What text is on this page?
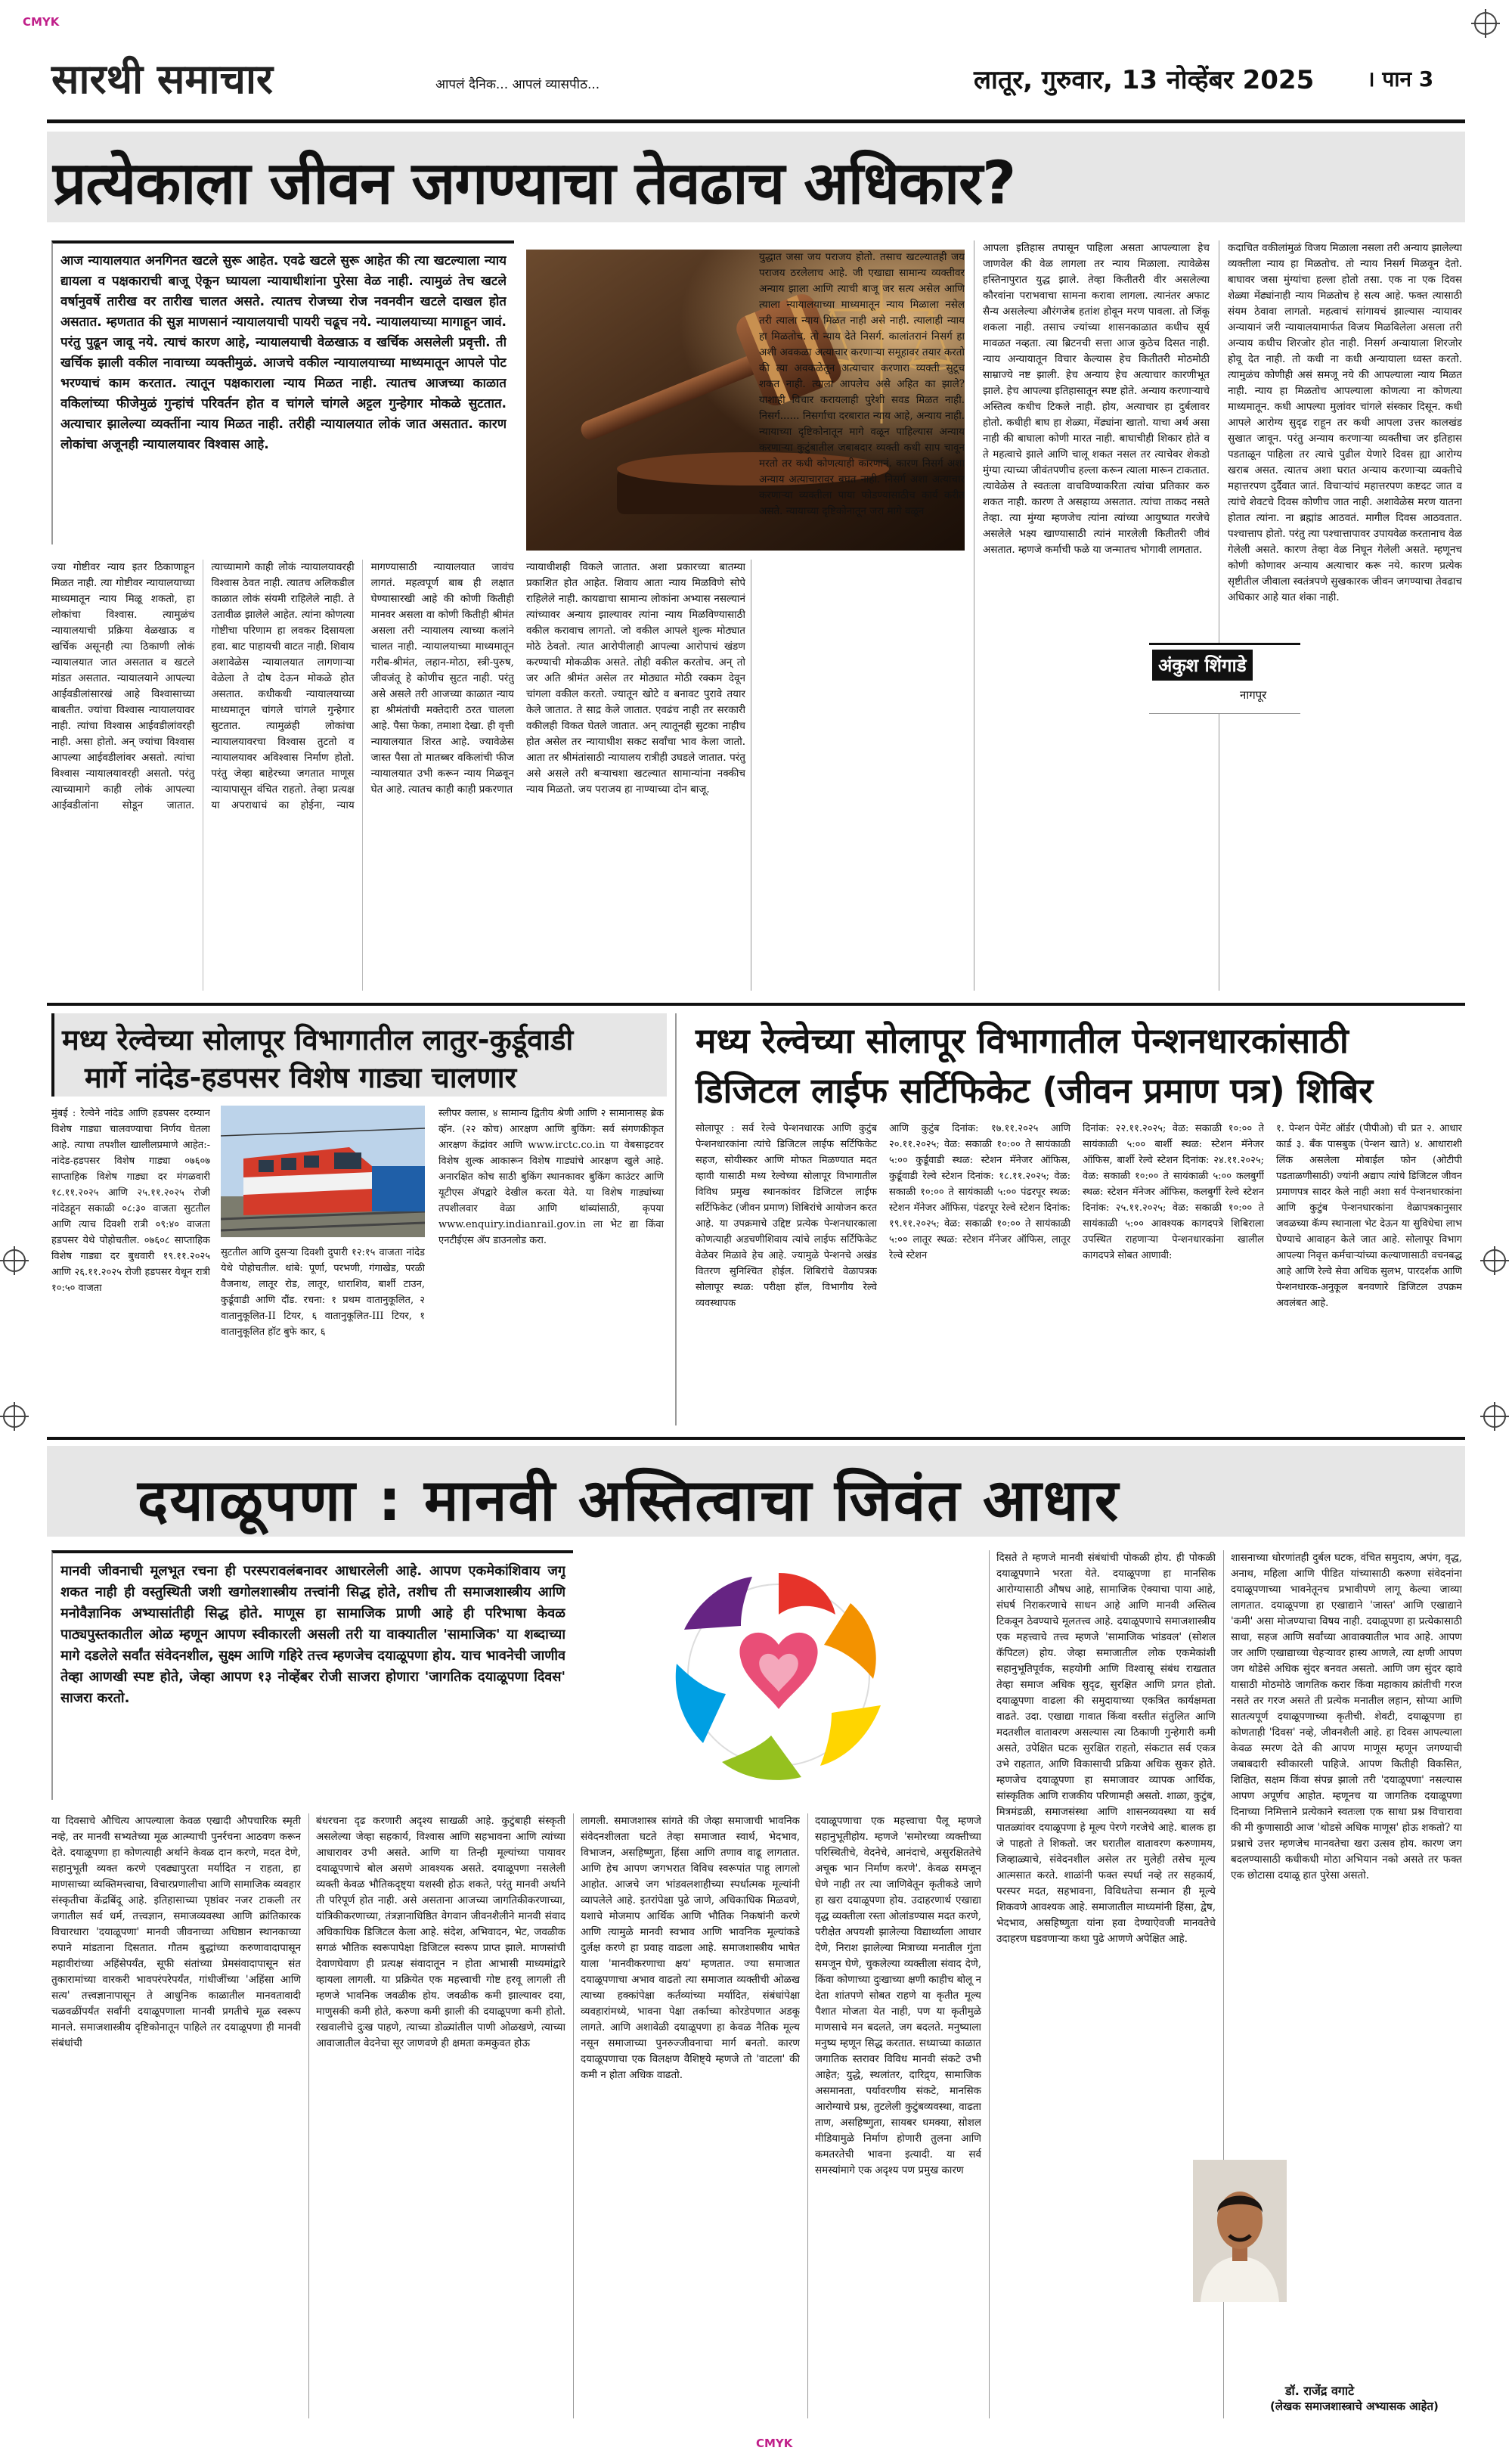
CMYK
CMYK
सारथी समाचार	आपलं दैनिक... आपलं व्यासपीठ...	लातूर, गुरुवार, 13 नोव्हेंबर 2025 । पान 3
प्रत्येकाला जीवन जगण्याचा तेवढाच अधिकार?
आज न्यायालयात अनगिनत खटले सुरू आहेत. एवढे खटले सुरू आहेत की त्या खटल्याला न्याय द्यायला व पक्षकाराची बाजू ऐकून घ्यायला न्यायाधीशांना पुरेसा वेळ नाही. त्यामुळं तेच खटले वर्षानुवर्षे तारीख वर तारीख चालत असते. त्यातच रोजच्या रोज नवनवीन खटले दाखल होत असतात. म्हणतात की सुज्ञ माणसानं न्यायालयाची पायरी चढूच नये. न्यायालयाच्या मागाहून जावं. परंतु पुढून जावू नये. त्याचं कारण आहे, न्यायालयाची वेळखाऊ व खर्चिक असलेली प्रवृत्ती. ती खर्चिक झाली वकील नावाच्या व्यक्तीमुळं. आजचे वकील न्यायालयाच्या माध्यमातून आपले पोट भरण्याचं काम करतात. त्यातून पक्षकाराला न्याय मिळत नाही. त्यातच आजच्या काळात वकिलांच्या फीजेमुळं गुन्हांचं परिवर्तन होत व चांगले चांगले अट्टल गुन्हेगार मोकळे सुटतात. अत्याचार झालेल्या व्यक्तींना न्याय मिळत नाही. तरीही न्यायालयात लोकं जात असतात. कारण लोकांचा अजूनही न्यायालयावर विश्वास आहे.
ज्या गोष्टीवर न्याय इतर ठिकाणाहून मिळत नाही. त्या गोष्टीवर न्यायालयाच्या माध्यमातून न्याय मिळू शकतो, हा लोकांचा विश्वास. त्यामुळंच न्यायालयाची प्रक्रिया वेळखाऊ व खर्चिक असूनही त्या ठिकाणी लोकं न्यायालयात जात असतात व खटले मांडत असतात. न्यायालयाने आपल्या आईवडीलांसारखं आहे विश्वासाच्या बाबतीत. ज्यांचा विश्वास न्यायालयावर नाही. त्यांचा विश्वास आईवडीलांवरही नाही. असा होतो. अन् ज्यांचा विश्वास आपल्या आईवडीलांवर असतो. त्यांचा विश्वास न्यायालयावरही असतो. परंतु त्याच्यामागे काही लोकं आपल्या आईवडीलांना सोडून जातात. त्याच्यामागे काही लोकं न्यायालयावरही विश्वास ठेवत नाही. त्यातच अलिकडील काळात लोकं संयमी राहिलेले नाही. ते उतावीळ झालेले आहेत. त्यांना कोणत्या गोष्टीचा परिणाम हा लवकर दिसायला हवा. बाट पाहायची वाटत नाही. शिवाय अशावेळेस न्यायालयात लागणाऱ्या वेळेला ते दोष देऊन मोकळे होत असतात. कधीकधी न्यायालयाच्या माध्यमातून चांगले चांगले गुन्हेगार सुटतात. त्यामुळंही लोकांचा न्यायालयावरचा विश्वास तुटतो व न्यायालयावर अविश्वास निर्माण होतो. परंतु जेव्हा बाहेरच्या जगतात माणूस न्यायापासून वंचित राहतो. तेव्हा प्रत्यक्ष या अपराधाचं का होईना, न्याय मागण्यासाठी न्यायालयात जावंच लागतं. महत्वपूर्ण बाब ही लक्षात घेण्यासारखी आहे की कोणी कितीही मानवर असला वा कोणी कितीही श्रीमंत असला तरी न्यायालय त्याच्या कलांने चालत नाही. न्यायालयाच्या माध्यमातून गरीब-श्रीमंत, लहान-मोठा, स्त्री-पुरुष, जीवजंतू हे कोणीच सुटत नाही. परंतु असे असले तरी आजच्या काळात न्याय हा श्रीमंतांची मक्तेदारी ठरत चालला आहे. पैसा फेका, तमाशा देखा. ही वृत्ती न्यायालयात शिरत आहे. ज्यावेळेस जास्त पैसा तो मातब्बर वकिलांची फीज न्यायालयात उभी करून न्याय मिळवून घेत आहे. त्यातच काही काही प्रकरणात
न्यायाधीशही विकले जातात. अशा प्रकारच्या बातम्या प्रकाशित होत आहेत. शिवाय आता न्याय मिळविणे सोपे राहिलेले नाही. कायद्याचा सामान्य लोकांना अभ्यास नसल्यानं त्यांच्यावर अन्याय झाल्यावर त्यांना न्याय मिळविण्यासाठी वकील करावाच लागतो. जो वकील आपले शुल्क मोठ्यात मोठे ठेवतो. त्यात आरोपीलाही आपल्या आरोपाचं खंडण करण्याची मोकळीक असते. तोही वकील करतोच. अन् तो जर अति श्रीमंत असेल तर मोठ्यात मोठी रक्कम देवून चांगला वकील करतो. ज्यातून खोटे व बनावट पुरावे तयार केले जातात. ते साद्र केले जातात. एवढंच नाही तर सरकारी वकीलही विकत घेतले जातात. अन् त्यातूनही सुटका नाहीच होत असेल तर न्यायाधीश सकट सर्वांचा भाव केला जातो. आता तर श्रीमंतांसाठी न्यायालय रात्रीही उघडले जातात. परंतु असे असले तरी बऱ्याचशा खटल्यात सामान्यांना नक्कीच न्याय मिळतो. जय पराजय हा नाण्याच्या दोन बाजू.
युद्धात जसा जय पराजय होतो. तसाच खटल्यातही जय पराजय ठरलेलाच आहे. जी एखाद्या सामान्य व्यक्तीवर अन्याय झाला आणि त्याची बाजू जर सत्य असेल आणि त्याला न्यायालयाच्या माध्यमातून न्याय मिळाला नसेल तरी त्याला न्याय मिळत नाही असे नाही. त्यालाही न्याय हा मिळतोच. तो न्याय देते निसर्ग. कालांतरानं निसर्ग हा अशी अवकळा अत्याचार करणाऱ्या समूहावर तयार करतो की त्या अवकळेतून अत्याचार करणारा व्यक्ती सुटूच शकत नाही. त्याला आपलेच असे अहित का झाले? याशाही विचार करायलाही पुरेशी सवड मिळत नाही. निसर्ग...... निसर्गाचा दरबारात न्याय आहे, अन्याय नाही. न्यायाच्या दृष्टिकोनातून मागे वळून पाहिल्यास अन्याय करणाऱ्या कुटुंबातील जबाबदार व्यक्ती कधी साप चावून मरतो तर कधी कोणत्याही कारणानं. कारण निसर्ग अशा अन्याय अत्याचारावर बघत नाही. निसर्ग अशा अत्याचार करणाऱ्या व्यक्तीला पाया फोडण्यासाठीच कार्य करीत असते. न्यायाच्या दृष्टिकोनातून जरा मागे वळून
आपला इतिहास तपासून पाहिला असता आपल्याला हेच जाणवेल की वेळ लागला तर न्याय मिळाला. त्यावेळेस हस्तिनापुरात युद्ध झाले. तेव्हा कितीतरी वीर असलेल्या कौरवांना पराभवाचा सामना करावा लागला. त्यानंतर अफाट सैन्य असलेल्या औरंगजेब हतांश होवून मरण पावला. तो जिंकू शकला नाही. तसाच ज्यांच्या शासनकाळात कधीच सूर्य मावळत नव्हता. त्या ब्रिटनची सत्ता आज कुठेच दिसत नाही. न्याय अन्यायातून विचार केल्यास हेच कितीतरी मोठमोठी साम्राज्ये नष्ट झाली. हेच अन्याय हेच अत्याचार कारणीभूत झाले. हेच आपल्या इतिहासातून स्पष्ट होते. अन्याय करणाऱ्याचे अस्तित्व कधीच टिकले नाही. होय, अत्याचार हा दुर्बलावर होतो. कधीही बाघ हा शेळ्या, मेंढ्यांना खातो. याचा अर्थ असा नाही की बाघाला कोणी मारत नाही. बाघाचीही शिकार होते व ते महत्वाचे झाले आणि चालू शकत नसल तर त्याचेवर शेकडो मुंग्या त्याच्या जीवंतपणीच हल्ला करून त्याला मारून टाकतात. त्यावेळेस ते स्वतःला वाचविण्याकरिता त्यांचा प्रतिकार करु शकत नाही. कारण ते असहाय्य असतात. त्यांचा ताकद नसते तेव्हा. त्या मुंग्या म्हणजेच त्यांना त्यांच्या आयुष्यात गरजेचे असलेले भक्ष्य खाण्यासाठी त्यांनं मारलेली कितीतरी जीवं असतात. म्हणजे कर्माची फळे या जन्मातच भोगावी लागतात.
कदाचित वकीलांमुळं विजय मिळाला नसला तरी अन्याय झालेल्या व्यक्तीला न्याय हा मिळतोच. तो न्याय निसर्ग मिळवून देतो. बाघावर जसा मुंग्यांचा हल्ला होतो तसा. एक ना एक दिवस शेळ्या मेंढ्यांनाही न्याय मिळतोच हे सत्य आहे. फक्त त्यासाठी संयम ठेवावा लागतो. महत्वाचं सांगायचं झाल्यास न्यायावर अन्यायानं जरी न्यायालयामार्फत विजय मिळविलेला असला तरी अन्याय कधीच शिरजोर होत नाही. निसर्ग अन्यायाला शिरजोर होवू देत नाही. तो कधी ना कधी अन्यायाला ध्वस्त करतो. त्यामुळंच कोणीही असं समजू नये की आपल्याला न्याय मिळत नाही. न्याय हा मिळतोच आपल्याला कोणत्या ना कोणत्या माध्यमातून. कधी आपल्या मुलांवर चांगले संस्कार दिसून. कधी आपले आरोग्य सुदृढ राहून तर कधी आपला उत्तर कालखंड सुखात जावून. परंतु अन्याय करणाऱ्या व्यक्तीचा जर इतिहास पडताळून पाहिला तर त्याचे पुढील येणारे दिवस ह्या आरोग्य खराब असत. त्यातच अशा घरात अन्याय करणाऱ्या व्यक्तीचे महात्तरपण दुर्दैवात जातं. विचाऱ्यांचं महात्तरपण कष्टदट जात व त्यांचे शेवटचे दिवस कोणीच जात नाही. अशावेळेस मरण यातना होतात त्यांना. ना ब्रह्मांड आठवतं. मागील दिवस आठवतात. पश्चात्ताप होतो. परंतु त्या पश्चात्तापावर उपायवेळ करतानाच वेळ गेलेली असते. कारण तेव्हा वेळ निघून गेलेली असते. म्हणूनच कोणी कोणावर अन्याय अत्याचार करू नये. कारण प्रत्येक सृष्टीतील जीवाला स्वतंत्रपणे सुखकारक जीवन जगण्याचा तेवढाच अधिकार आहे यात शंका नाही.
अंकुश शिंगाडे
नागपूर
मध्य रेल्वेच्या सोलापूर विभागातील लातुर-कुर्डूवाडी
मार्गे नांदेड-हडपसर विशेष गाड्या चालणार
मुंबई : रेल्वेने नांदेड आणि हडपसर दरम्यान विशेष गाड्या चालवण्याचा निर्णय घेतला आहे. त्याचा तपशील खालीलप्रमाणे आहेत:- नांदेड-हडपसर विशेष गाड्या ०७६०७ साप्ताहिक विशेष गाड्या दर मंगळवारी १८.११.२०२५ आणि २५.११.२०२५ रोजी नांदेडहून सकाळी ०८:३० वाजता सुटतील आणि त्याच दिवशी रात्री ०९:४० वाजता हडपसर येथे पोहोचतील. ०७६०८ साप्ताहिक विशेष गाड्या दर बुधवारी १९.११.२०२५ आणि २६.११.२०२५ रोजी हडपसर येथून रात्री १०:५० वाजता
सुटतील आणि दुसऱ्या दिवशी दुपारी १२:१५ वाजता नांदेड येथे पोहोचतील. थांबे: पूर्णा, परभणी, गंगाखेड, परळी वैजनाथ, लातूर रोड, लातूर, धाराशिव, बार्शी टाउन, कुर्डूवाडी आणि दौंड. रचना: १ प्रथम वातानुकूलित, २ वातानुकूलित-II टियर, ६ वातानुकूलित-III टियर, १ वातानुकूलित हॉट बुफे कार, ६
स्लीपर क्लास, ४ सामान्य द्वितीय श्रेणी आणि २ सामानासह ब्रेक व्हॅन. (२२ कोच) आरक्षण आणि बुकिंग: सर्व संगणकीकृत आरक्षण केंद्रांवर आणि www.irctc.co.in या वेबसाइटवर विशेष शुल्क आकारून विशेष गाड्यांचे आरक्षण खुले आहे. अनारक्षित कोच साठी बुकिंग स्थानकावर बुकिंग काउंटर आणि यूटीएस ॲपद्वारे देखील करता येते. या विशेष गाड्यांच्या तपशीलवार वेळा आणि थांब्यांसाठी, कृपया www.enquiry.indianrail.gov.in ला भेट द्या किंवा एनटीईएस ॲप डाउनलोड करा.
मध्य रेल्वेच्या सोलापूर विभागातील पेन्शनधारकांसाठी
डिजिटल लाईफ सर्टिफिकेट (जीवन प्रमाण पत्र) शिबिर
सोलापूर : सर्व रेल्वे पेन्शनधारक आणि कुटुंब पेन्शनधारकांना त्यांचे डिजिटल लाईफ सर्टिफिकेट सहज, सोयीस्कर आणि मोफत मिळण्यात मदत व्हावी यासाठी मध्य रेल्वेच्या सोलापूर विभागातील विविध प्रमुख स्थानकांवर डिजिटल लाईफ सर्टिफिकेट (जीवन प्रमाण) शिबिरांचे आयोजन करत आहे. या उपक्रमाचे उद्दिष्ट प्रत्येक पेन्शनधारकाला कोणत्याही अडचणीशिवाय त्यांचे लाईफ सर्टिफिकेट वेळेवर मिळावे हेच आहे. ज्यामुळे पेन्शनचे अखंड वितरण सुनिश्चित होईल. शिबिरांचे वेळापत्रक सोलापूर स्थळ: परीक्षा हॉल, विभागीय रेल्वे व्यवस्थापक
आणि कुटुंब दिनांक: १७.११.२०२५ आणि २०.११.२०२५; वेळ: सकाळी १०:०० ते सायंकाळी ५:०० कुर्डूवाडी स्थळ: स्टेशन मॅनेजर ऑफिस, कुर्डूवाडी रेल्वे स्टेशन दिनांक: १८.११.२०२५; वेळ: सकाळी १०:०० ते सायंकाळी ५:०० पंढरपूर स्थळ: स्टेशन मॅनेजर ऑफिस, पंढरपूर रेल्वे स्टेशन दिनांक: १९.११.२०२५; वेळ: सकाळी १०:०० ते सायंकाळी ५:०० लातूर स्थळ: स्टेशन मॅनेजर ऑफिस, लातूर रेल्वे स्टेशन
दिनांक: २२.११.२०२५; वेळ: सकाळी १०:०० ते सायंकाळी ५:०० बार्शी स्थळ: स्टेशन मॅनेजर ऑफिस, बार्शी रेल्वे स्टेशन दिनांक: २४.११.२०२५; वेळ: सकाळी १०:०० ते सायंकाळी ५:०० कलबुर्गी स्थळ: स्टेशन मॅनेजर ऑफिस, कलबुर्गी रेल्वे स्टेशन दिनांक: २५.११.२०२५; वेळ: सकाळी १०:०० ते सायंकाळी ५:०० आवश्यक कागदपत्रे शिबिराला उपस्थित राहणाऱ्या पेन्शनधारकांना खालील कागदपत्रे सोबत आणावी:
१. पेन्शन पेमेंट ऑर्डर (पीपीओ) ची प्रत २. आधार कार्ड ३. बँक पासबुक (पेन्शन खाते) ४. आधाराशी लिंक असलेला मोबाईल फोन (ओटीपी पडताळणीसाठी) ज्यांनी अद्याप त्यांचे डिजिटल जीवन प्रमाणपत्र सादर केले नाही अशा सर्व पेन्शनधारकांना आणि कुटुंब पेन्शनधारकांना वेळापत्रकानुसार जवळच्या कॅम्प स्थानाला भेट देऊन या सुविधेचा लाभ घेण्याचे आवाहन केले जात आहे. सोलापूर विभाग आपल्या निवृत्त कर्मचाऱ्यांच्या कल्याणासाठी वचनबद्ध आहे आणि रेल्वे सेवा अधिक सुलभ, पारदर्शक आणि पेन्शनधारक-अनुकूल बनवणारे डिजिटल उपक्रम अवलंबत आहे.
दयाळूपणा : मानवी अस्तित्वाचा जिवंत आधार
मानवी जीवनाची मूलभूत रचना ही परस्परावलंबनावर आधारलेली आहे. आपण एकमेकांशिवाय जगू शकत नाही ही वस्तुस्थिती जशी खगोलशास्त्रीय तत्त्वांनी सिद्ध होते, तशीच ती समाजशास्त्रीय आणि मनोवैज्ञानिक अभ्यासांतीही सिद्ध होते. माणूस हा सामाजिक प्राणी आहे ही परिभाषा केवळ पाठ्यपुस्तकातील ओळ म्हणून आपण स्वीकारली असली तरी या वाक्यातील 'सामाजिक' या शब्दाच्या मागे दडलेले सर्वांत संवेदनशील, सुक्ष्म आणि गहिरे तत्त्व म्हणजेच दयाळूपणा होय. याच भावनेची जाणीव तेव्हा आणखी स्पष्ट होते, जेव्हा आपण १३ नोव्हेंबर रोजी साजरा होणारा 'जागतिक दयाळूपणा दिवस' साजरा करतो.
या दिवसाचे औचित्य आपल्याला केवळ एखादी औपचारिक स्मृती नव्हे, तर मानवी सभ्यतेच्या मूळ आत्म्याची पुनर्रचना आठवण करून देते. दयाळूपणा हा कोणत्याही अर्थाने केवळ दान करणे, मदत देणे, सहानुभूती व्यक्त करणे एवढ्यापुरता मर्यादित न राहता, हा माणसाच्या व्यक्तिमत्त्वाचा, विचारप्रणालीचा आणि सामाजिक व्यवहार संस्कृतीचा केंद्रबिंदू आहे. इतिहासाच्या पृष्ठांवर नजर टाकली तर जगातील सर्व धर्म, तत्त्वज्ञान, समाजव्यवस्था आणि क्रांतिकारक विचारधारा 'दयाळूपणा' मानवी जीवनाच्या अधिष्ठान स्थानकाच्या रुपाने मांडताना दिसतात. गौतम बुद्धांच्या करुणावादापासून महावीरांच्या अहिंसेपर्यंत, सूफी संतांच्या प्रेमसंवादापासून संत तुकारामांच्या वारकरी भावपरंपरेपर्यंत, गांधीजींच्या 'अहिंसा आणि सत्य' तत्त्वज्ञानापासून ते आधुनिक काळातील मानवतावादी चळवळींपर्यंत सर्वांनी दयाळूपणाला मानवी प्रगतीचे मूळ स्वरूप मानले. समाजशास्त्रीय दृष्टिकोनातून पाहिले तर दयाळूपणा ही मानवी संबंधांची
बंधरचना दृढ करणारी अदृश्य साखळी आहे. कुटुंबाही संस्कृती असलेल्या जेव्हा सहकार्य, विश्वास आणि सहभावना आणि त्यांच्या आधारावर उभी असते. आणि या तिन्ही मूल्यांच्या पायावर दयाळूपणाचे बोल असणे आवश्यक असते. दयाळूपणा नसलेली व्यक्ती केवळ भौतिकदृष्ट्या यशस्वी होऊ शकते, परंतु मानवी अर्थाने ती परिपूर्ण होत नाही. असे असताना आजच्या जागतिकीकरणाच्या, यांत्रिकीकरणाच्या, तंत्रज्ञानाधिष्ठित वेगवान जीवनशैलीने मानवी संवाद अधिकाधिक डिजिटल केला आहे. संदेश, अभिवादन, भेट, जवळीक सगळं भौतिक स्वरूपापेक्षा डिजिटल स्वरूप प्राप्त झाले. माणसांची देवाणघेवाण ही प्रत्यक्ष संवादातून न होता आभासी माध्यमांद्वारे व्हायला लागली. या प्रक्रियेत एक महत्त्वाची गोष्ट हरवू लागली ती म्हणजे भावनिक जवळीक होय. जवळीक कमी झाल्यावर दया, माणुसकी कमी होते, करुणा कमी झाली की दयाळूपणा कमी होतो. रखवालीचे दुःख पाहणे, त्याच्या डोळ्यांतील पाणी ओळखणे, त्याच्या आवाजातील वेदनेचा सूर जाणवणे ही क्षमता कमकुवत होऊ
लागली. समाजशास्त्र सांगते की जेव्हा समाजाची भावनिक संवेदनशीलता घटते तेव्हा समाजात स्वार्थ, भेदभाव, विभाजन, असहिष्णुता, हिंसा आणि तणाव वाढू लागतात. आणि हेच आपण जगभरात विविध स्वरूपांत पाहू लागलो आहोत. आजचे जग भांडवलशाहीच्या स्पर्धात्मक मूल्यांनी व्यापलेले आहे. इतरांपेक्षा पुढे जाणे, अधिकाधिक मिळवणे, यशाचे मोजमाप आर्थिक आणि भौतिक निकषांनी करणे आणि त्यामुळे मानवी स्वभाव आणि भावनिक मूल्यांकडे दुर्लक्ष करणे हा प्रवाह वाढला आहे. समाजशास्त्रीय भाषेत याला 'मानवीकरणाचा क्षय' म्हणतात. ज्या समाजात दयाळूपणाचा अभाव वाढतो त्या समाजात व्यक्तीची ओळख त्याच्या हक्कांपेक्षा कर्तव्यांच्या मर्यादित, संबंधांपेक्षा व्यवहारांमध्ये, भावना पेक्षा तर्काच्या कोरडेपणात अडकू लागते. आणि अशावेळी दयाळूपणा हा केवळ नैतिक मूल्य नसून समाजाच्या पुनरुज्जीवनाचा मार्ग बनतो. कारण दयाळूपणाचा एक विलक्षण वैशिष्ट्ये म्हणजे तो 'वाटला' की कमी न होता अधिक वाढतो.
दयाळूपणाचा एक महत्त्वाचा पैलू म्हणजे सहानुभूतीहोय. म्हणजे 'समोरच्या व्यक्तीच्या परिस्थितीचे, वेदनेचे, आनंदाचे, असुरक्षिततेचे अचूक भान निर्माण करणे'. केवळ समजून घेणे नाही तर त्या जाणिवेतून कृतीकडे जाणे हा खरा दयाळूपणा होय. उदाहरणार्थ एखाद्या वृद्ध व्यक्तीला रस्ता ओलांडण्यास मदत करणे, परीक्षेत अपयशी झालेल्या विद्यार्थ्याला आधार देणे, निराश झालेल्या मित्राच्या मनातील गुंता समजून घेणे, चुकलेल्या व्यक्तीला संवाद देणे, किंवा कोणाच्या दुःखाच्या क्षणी काहीच बोलू न देता शांतपणे सोबत राहणे या कृतीत मूल्य पैशात मोजता येत नाही, पण या कृतीमुळे माणसाचे मन बदलते, जग बदलते. मनुष्याला मनुष्य म्हणून सिद्ध करतात. सध्याच्या काळात जगातिक स्तरावर विविध मानवी संकटे उभी आहेत; युद्धे, स्थलांतर, दारिद्र्य, सामाजिक असमानता, पर्यावरणीय संकटे, मानसिक आरोग्याचे प्रश्न, तुटलेली कुटुंबव्यवस्था, वाढता ताण, असहिष्णुता, सायबर धमक्या, सोशल मीडियामुळे निर्माण होणारी तुलना आणि कमतरतेची भावना इत्यादी. या सर्व समस्यांमागे एक अदृश्य पण प्रमुख कारण
दिसते ते म्हणजे मानवी संबंधांची पोकळी होय. ही पोकळी दयाळूपणाने भरता येते. दयाळूपणा हा मानसिक आरोग्यासाठी औषध आहे, सामाजिक ऐक्याचा पाया आहे, संघर्ष निराकरणाचे साधन आहे आणि मानवी अस्तित्व टिकवून ठेवण्याचे मूलतत्त्व आहे. दयाळूपणाचे समाजशास्त्रीय एक महत्त्वाचे तत्त्व म्हणजे 'सामाजिक भांडवल' (सोशल कॅपिटल) होय. जेव्हा समाजातील लोक एकमेकांशी सहानुभूतिपूर्वक, सहयोगी आणि विश्वासू संबंध राखतात तेव्हा समाज अधिक सुदृढ, सुरक्षित आणि प्रगत होतो. दयाळूपणा वाढला की समुदायाच्या एकत्रित कार्यक्षमता वाढते. उदा. एखाद्या गावात किंवा वस्तीत संतुलित आणि मदतशील वातावरण असल्यास त्या ठिकाणी गुन्हेगारी कमी असते, उपेक्षित घटक सुरक्षित राहतो, संकटात सर्व एकत्र उभे राहतात, आणि विकासाची प्रक्रिया अधिक सुकर होते. म्हणजेच दयाळूपणा हा समाजावर व्यापक आर्थिक, सांस्कृतिक आणि राजकीय परिणामही असतो. शाळा, कुटुंब, मित्रमंडळी, समाजसंस्था आणि शासनव्यवस्था या सर्व पातळ्यांवर दयाळूपणा हे मूल्य पेरणे गरजेचे आहे. बालक हा जे पाहतो ते शिकतो. जर घरातील वातावरण करुणामय, जिव्हाळ्याचे, संवेदनशील असेल तर मुलेही तसेच मूल्य आत्मसात करते. शाळांनी फक्त स्पर्धा नव्हे तर सहकार्य, परस्पर मदत, सहभावना, विविधतेचा सन्मान ही मूल्ये शिकवणे आवश्यक आहे. समाजातील माध्यमांनी हिंसा, द्वेष, भेदभाव, असहिष्णुता यांना हवा देण्याऐवजी मानवतेचे उदाहरण घडवणाऱ्या कथा पुढे आणणे अपेक्षित आहे.
शासनाच्या धोरणांतही दुर्बल घटक, वंचित समुदाय, अपंग, वृद्ध, अनाथ, महिला आणि पीडित यांच्यासाठी करुणा संवेदनांना दयाळूपणाच्या भावनेतूनच प्रभावीपणे लागू केल्या जाव्या लागतात. दयाळूपणा हा एखाद्याने 'जास्त' आणि एखाद्याने 'कमी' असा मोजण्याचा विषय नाही. दयाळूपणा हा प्रत्येकासाठी साधा, सहज आणि सर्वांच्या आवाक्यातील भाव आहे. आपण जर आणि एखाद्याच्या चेहऱ्यावर हास्य आणले, त्या क्षणी आपण जग थोडेसे अधिक सुंदर बनवत असतो. आणि जग सुंदर व्हावे यासाठी मोठमोठे जागतिक करार किंवा महाकाय क्रांतीची गरज नसते तर गरज असते ती प्रत्येक मनातील लहान, सोप्या आणि सातत्यपूर्ण दयाळूपणाच्या कृतीची. शेवटी, दयाळूपणा हा कोणताही 'दिवस' नव्हे, जीवनशैली आहे. हा दिवस आपल्याला केवळ स्मरण देते की आपण माणूस म्हणून जगण्याची जबाबदारी स्वीकारली पाहिजे. आपण कितीही विकसित, शिक्षित, सक्षम किंवा संपन्न झालो तरी 'दयाळूपणा' नसल्यास आपण अपूर्णच आहोत. म्हणूनच या जागतिक दयाळूपणा दिनाच्या निमित्ताने प्रत्येकाने स्वतःला एक साधा प्रश्न विचारावा की मी कुणासाठी आज 'थोडसे अधिक माणूस' होऊ शकतो? या प्रश्नाचे उत्तर म्हणजेच मानवतेचा खरा उत्सव होय. कारण जग बदलण्यासाठी कधीकधी मोठा अभियान नको असते तर फक्त एक छोटासा दयाळू हात पुरेसा असतो.
डॉ. राजेंद्र वगाटे
(लेखक समाजशास्त्राचे अभ्यासक आहेत)
